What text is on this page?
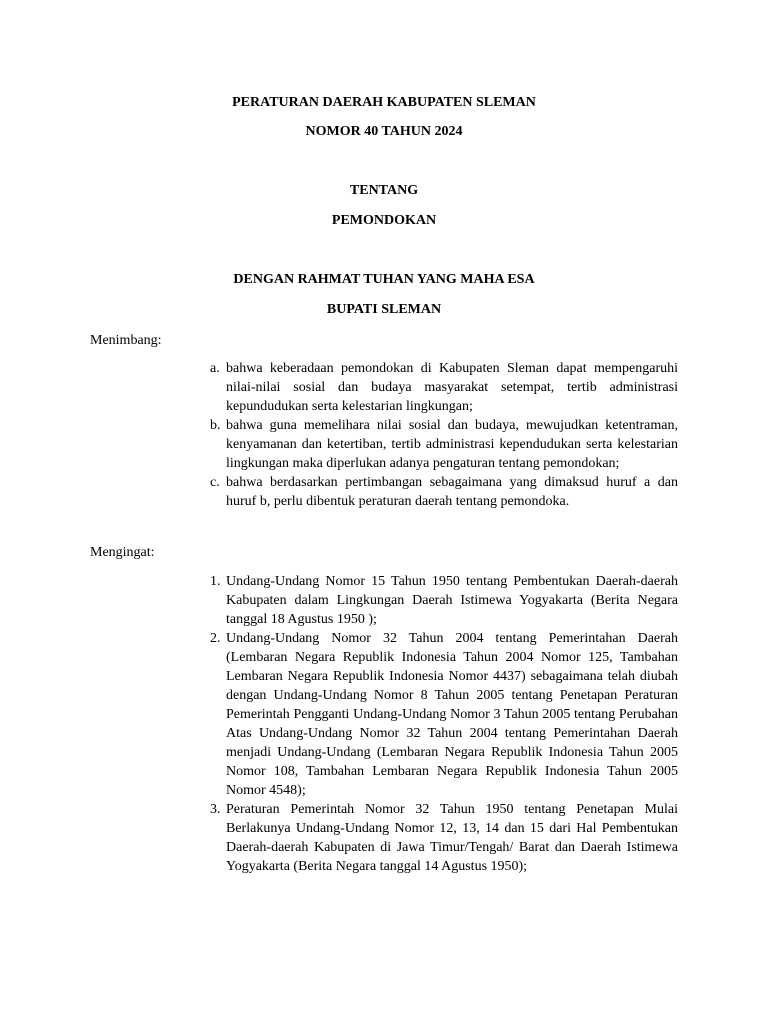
PERATURAN DAERAH KABUPATEN SLEMAN
NOMOR 40 TAHUN 2024
TENTANG
PEMONDOKAN
DENGAN RAHMAT TUHAN YANG MAHA ESA
BUPATI SLEMAN
Menimbang:
a. bahwa keberadaan pemondokan di Kabupaten Sleman dapat mempengaruhi nilai-nilai sosial dan budaya masyarakat setempat, tertib administrasi kepundudukan serta kelestarian lingkungan;
b. bahwa guna memelihara nilai sosial dan budaya, mewujudkan ketentraman, kenyamanan dan ketertiban, tertib administrasi kependudukan serta kelestarian lingkungan maka diperlukan adanya pengaturan tentang pemondokan;
c. bahwa berdasarkan pertimbangan sebagaimana yang dimaksud huruf a dan huruf b, perlu dibentuk peraturan daerah tentang pemondoka.
Mengingat:
1. Undang-Undang Nomor 15 Tahun 1950 tentang Pembentukan Daerah-daerah Kabupaten dalam Lingkungan Daerah Istimewa Yogyakarta (Berita Negara tanggal 18 Agustus 1950 );
2. Undang-Undang Nomor 32 Tahun 2004 tentang Pemerintahan Daerah (Lembaran Negara Republik Indonesia Tahun 2004 Nomor 125, Tambahan Lembaran Negara Republik Indonesia Nomor 4437) sebagaimana telah diubah dengan Undang-Undang Nomor 8 Tahun 2005 tentang Penetapan Peraturan Pemerintah Pengganti Undang-Undang Nomor 3 Tahun 2005 tentang Perubahan Atas Undang-Undang Nomor 32 Tahun 2004 tentang Pemerintahan Daerah menjadi Undang-Undang (Lembaran Negara Republik Indonesia Tahun 2005 Nomor 108, Tambahan Lembaran Negara Republik Indonesia Tahun 2005 Nomor 4548);
3. Peraturan Pemerintah Nomor 32 Tahun 1950 tentang Penetapan Mulai Berlakunya Undang-Undang Nomor 12, 13, 14 dan 15 dari Hal Pembentukan Daerah-daerah Kabupaten di Jawa Timur/Tengah/ Barat dan Daerah Istimewa Yogyakarta (Berita Negara tanggal 14 Agustus 1950);
